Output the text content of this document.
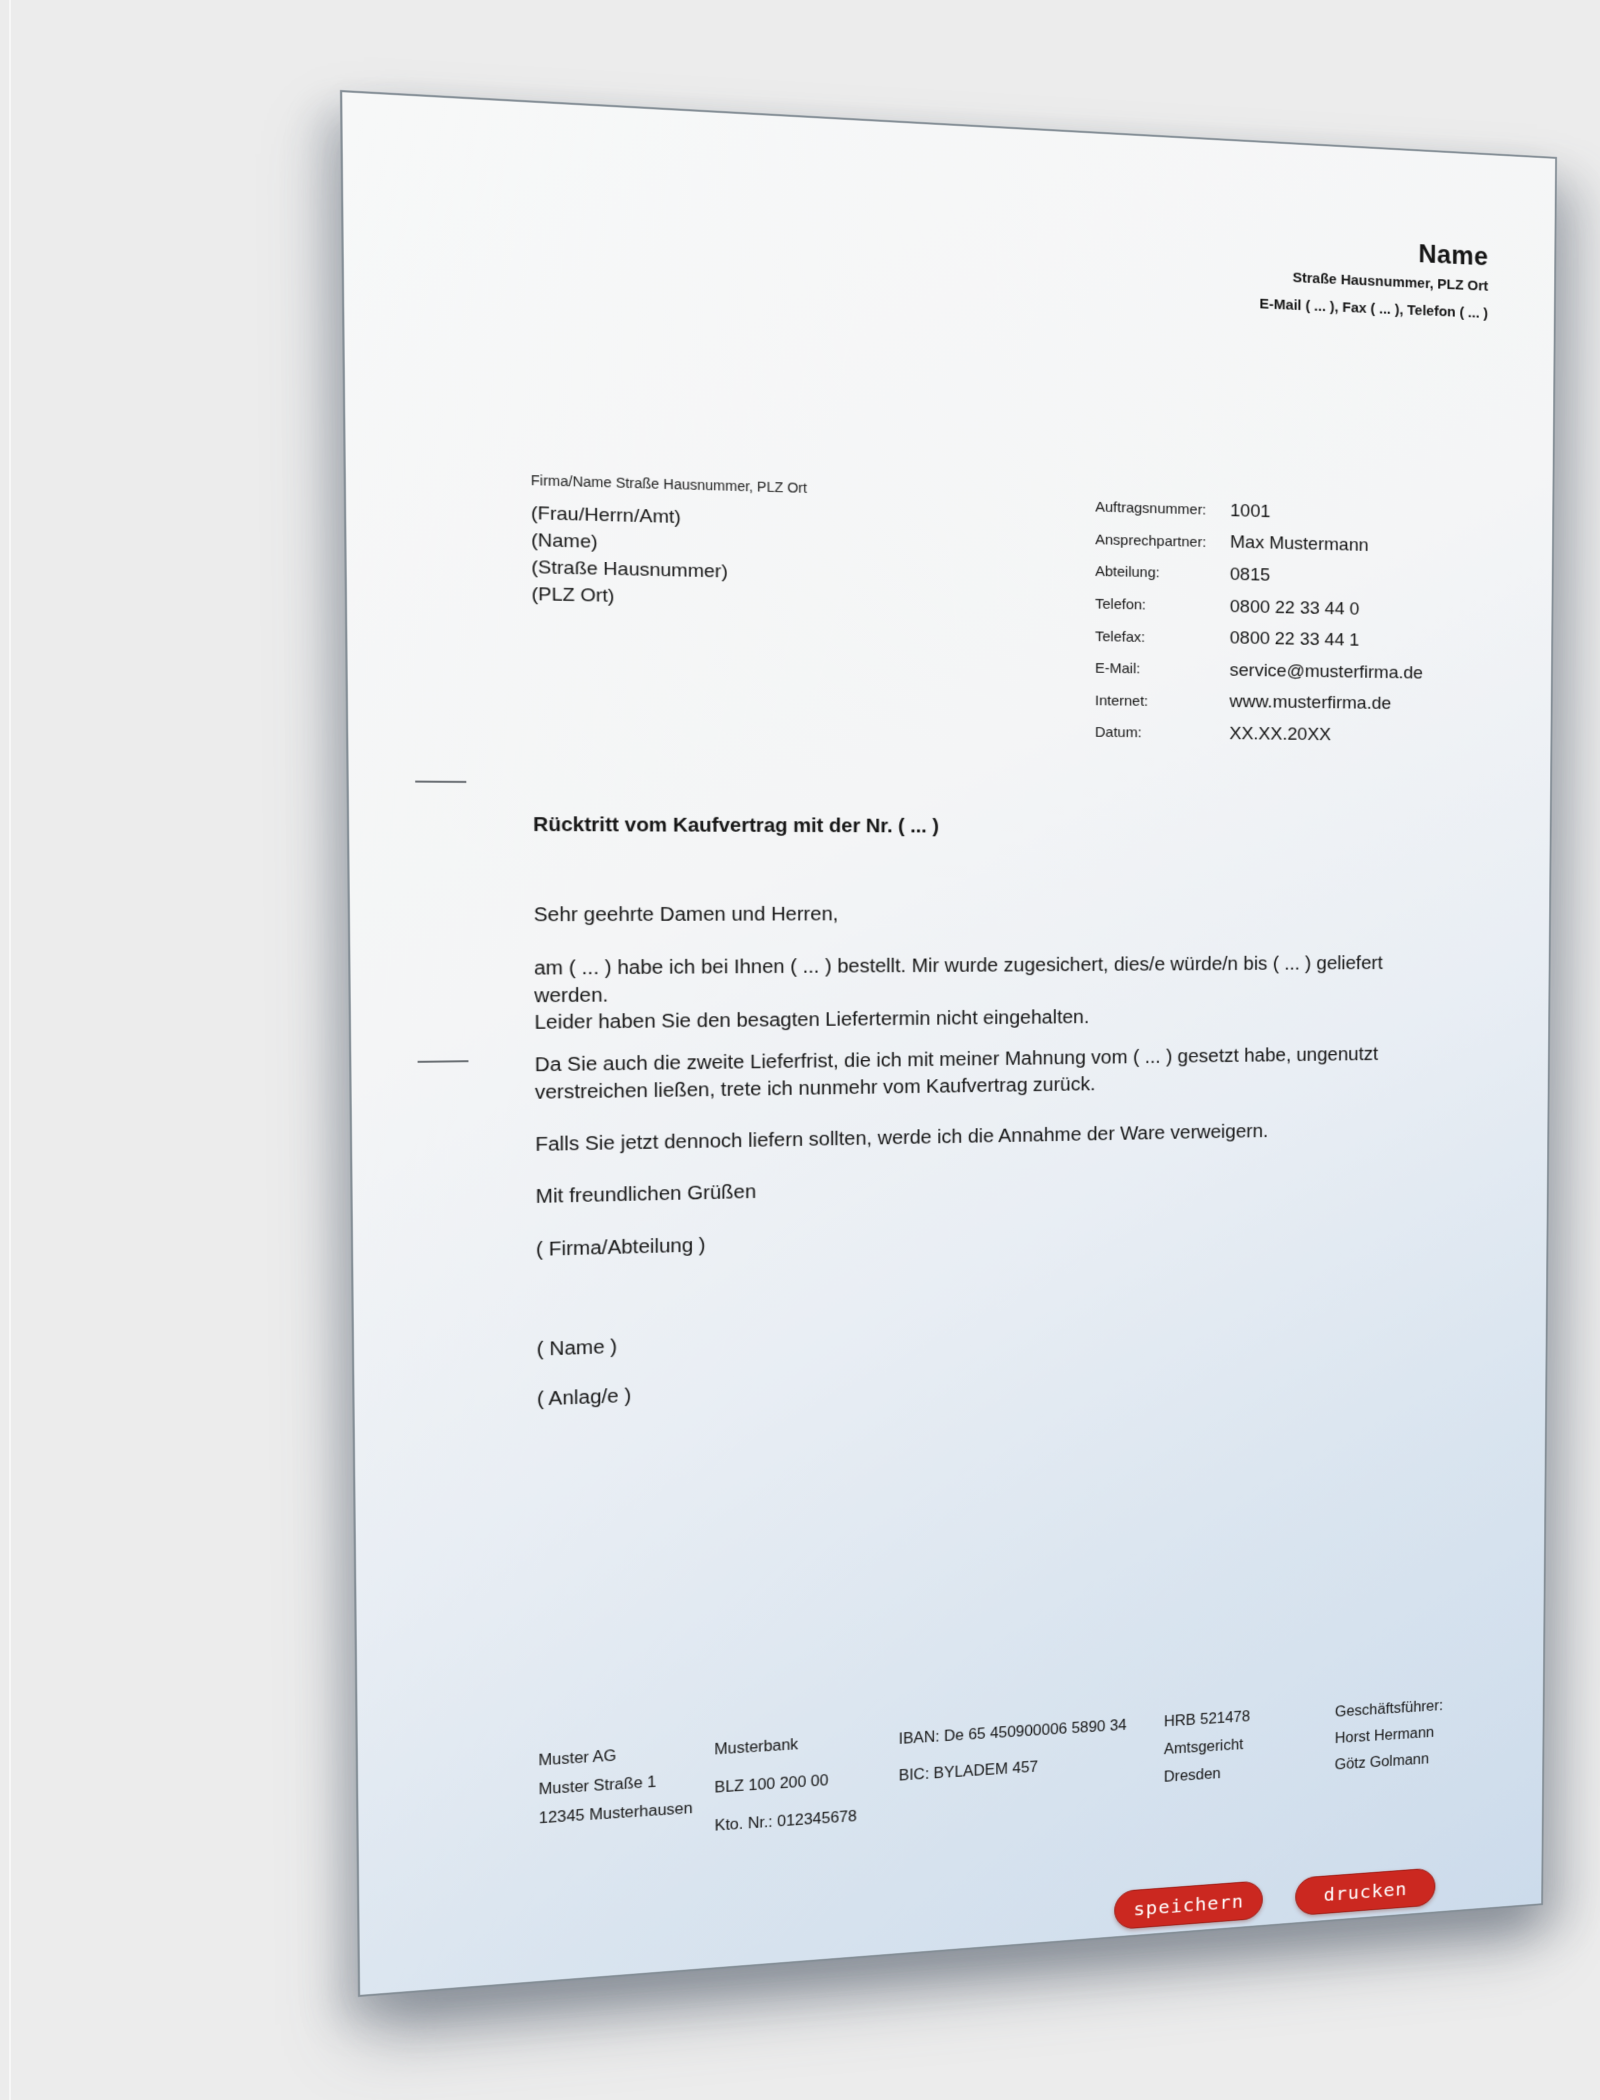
Name
Straße Hausnummer, PLZ Ort
E-Mail ( ... ), Fax ( ... ), Telefon ( ... )
Firma/Name Straße Hausnummer, PLZ Ort
(Frau/Herrn/Amt)
(Name)
(Straße Hausnummer)
(PLZ Ort)
Auftragsnummer:	1001
Ansprechpartner:	Max Mustermann
Abteilung:	0815
Telefon:	0800 22 33 44 0
Telefax:	0800 22 33 44 1
E-Mail:	service@musterfirma.de
Internet:	www.musterfirma.de
Datum:	XX.XX.20XX
Rücktritt vom Kaufvertrag mit der Nr. ( ... )
Sehr geehrte Damen und Herren,
am ( ... ) habe ich bei Ihnen ( ... ) bestellt. Mir wurde zugesichert, dies/e würde/n bis ( ... ) geliefert
werden.
Leider haben Sie den besagten Liefertermin nicht eingehalten.
Da Sie auch die zweite Lieferfrist, die ich mit meiner Mahnung vom ( ... ) gesetzt habe, ungenutzt
verstreichen ließen, trete ich nunmehr vom Kaufvertrag zurück.
Falls Sie jetzt dennoch liefern sollten, werde ich die Annahme der Ware verweigern.
Mit freundlichen Grüßen
( Firma/Abteilung )
( Name )
( Anlag/e )
Muster AG
Muster Straße 1
12345 Musterhausen
Musterbank
BLZ 100 200 00
Kto. Nr.: 012345678
IBAN: De 65 450900006 5890 34
BIC: BYLADEM 457
HRB 521478
Amtsgericht
Dresden
Geschäftsführer:
Horst Hermann
Götz Golmann
speichern	drucken
